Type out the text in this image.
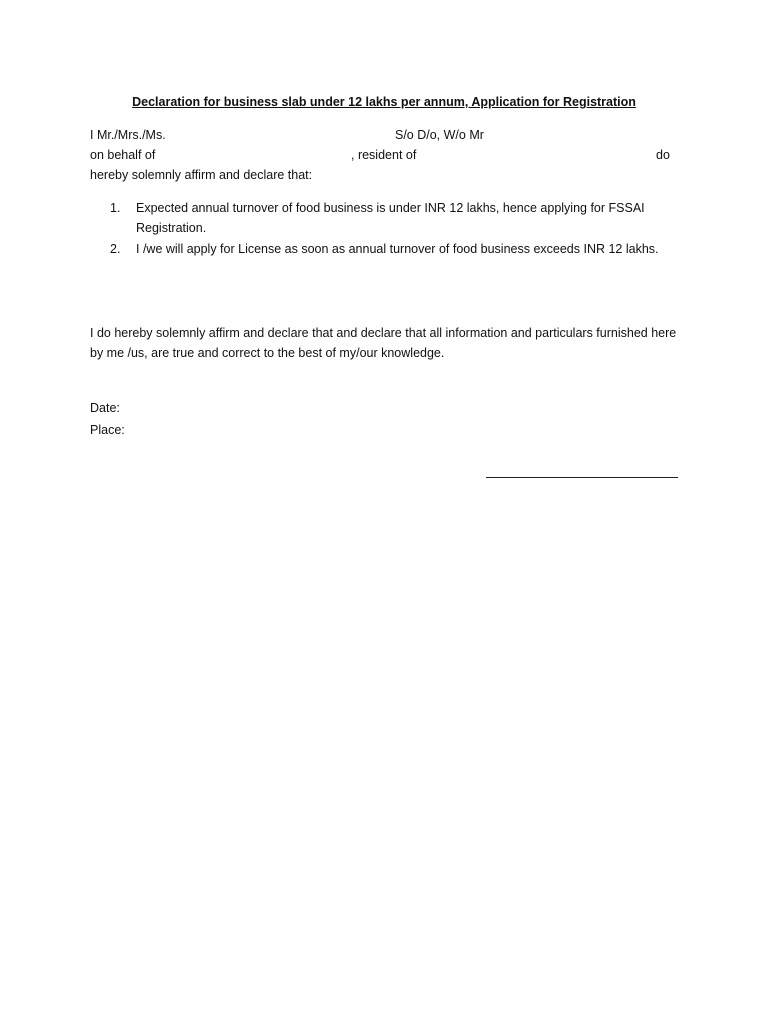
Declaration for business slab under 12 lakhs per annum, Application for Registration
I Mr./Mrs./Ms.	S/o D/o, W/o Mr
on behalf of	, resident of	do
hereby solemnly affirm and declare that:
1. Expected annual turnover of food business is under INR 12 lakhs, hence applying for FSSAI Registration.
2. I /we will apply for License as soon as annual turnover of food business exceeds INR 12 lakhs.
I do hereby solemnly affirm and declare that and declare that all information and particulars furnished here by me /us, are true and correct to the best of my/our knowledge.
Date:
Place:
